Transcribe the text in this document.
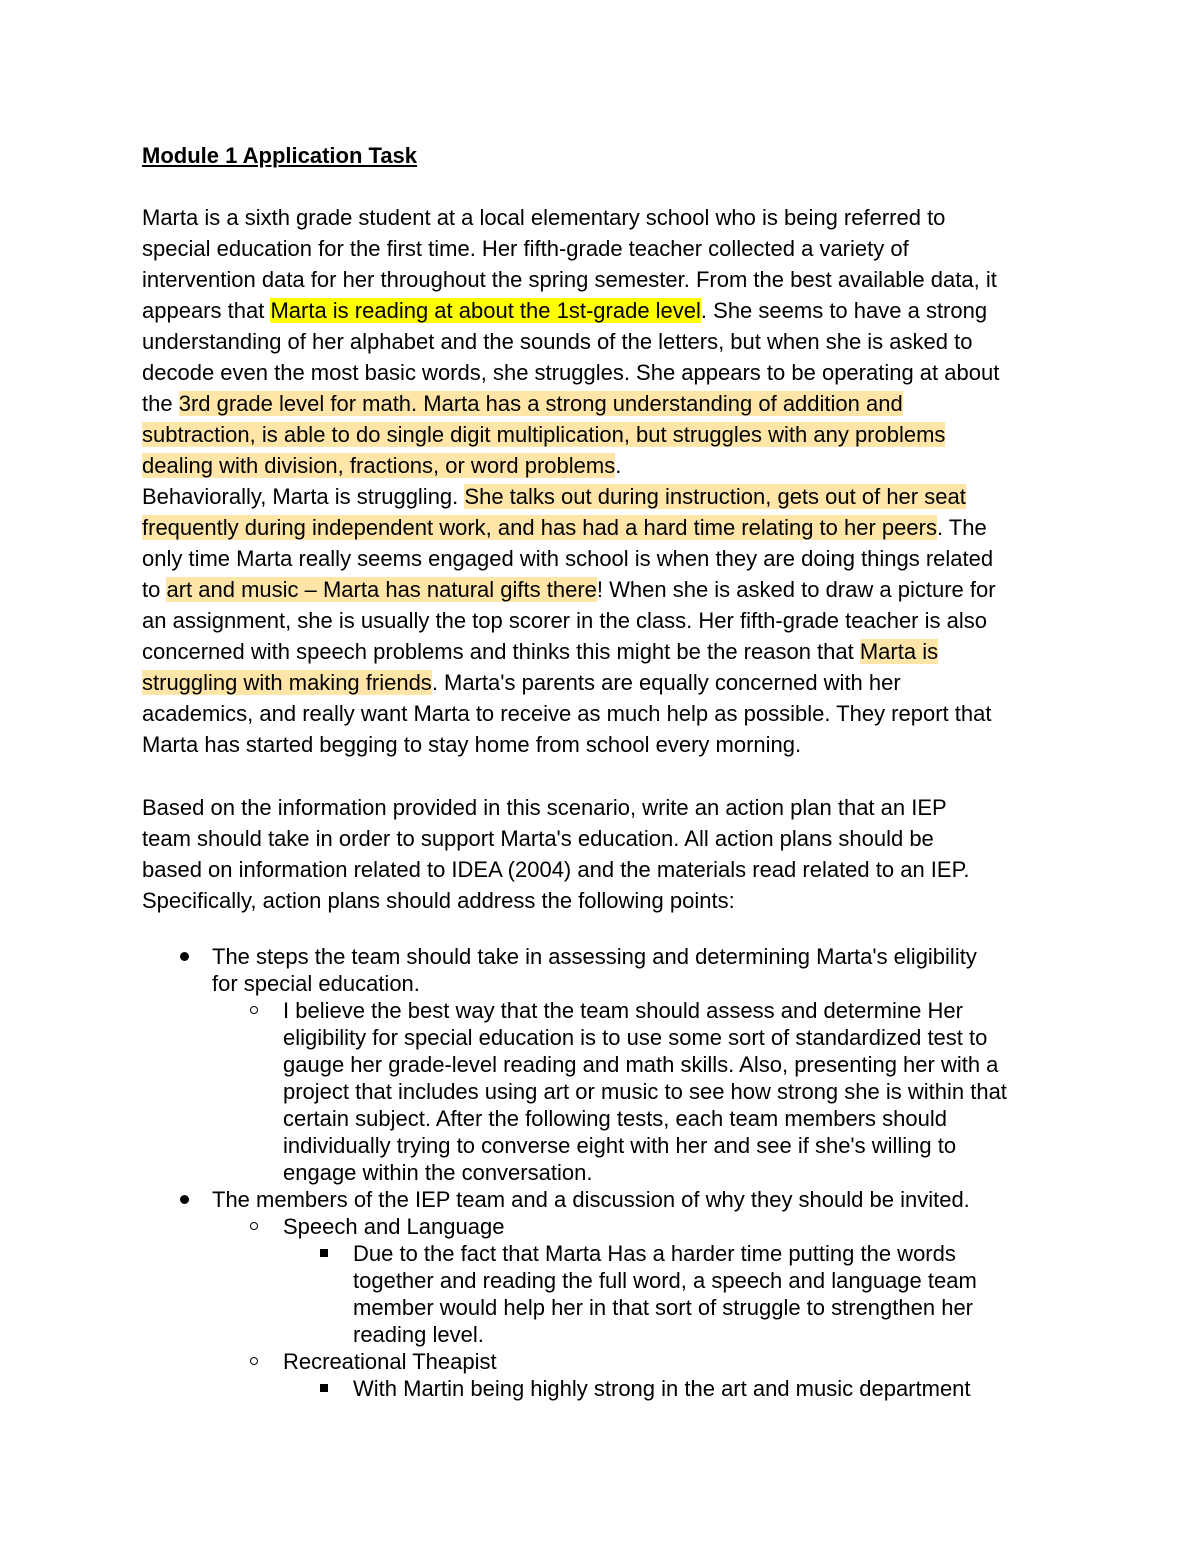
Module 1 Application Task
Marta is a sixth grade student at a local elementary school who is being referred to
special education for the first time. Her fifth-grade teacher collected a variety of
intervention data for her throughout the spring semester. From the best available data, it
appears that Marta is reading at about the 1st-grade level. She seems to have a strong
understanding of her alphabet and the sounds of the letters, but when she is asked to
decode even the most basic words, she struggles. She appears to be operating at about
the 3rd grade level for math. Marta has a strong understanding of addition and
subtraction, is able to do single digit multiplication, but struggles with any problems
dealing with division, fractions, or word problems.
Behaviorally, Marta is struggling. She talks out during instruction, gets out of her seat
frequently during independent work, and has had a hard time relating to her peers. The
only time Marta really seems engaged with school is when they are doing things related
to art and music – Marta has natural gifts there! When she is asked to draw a picture for
an assignment, she is usually the top scorer in the class. Her fifth-grade teacher is also
concerned with speech problems and thinks this might be the reason that Marta is
struggling with making friends. Marta's parents are equally concerned with her
academics, and really want Marta to receive as much help as possible. They report that
Marta has started begging to stay home from school every morning.
Based on the information provided in this scenario, write an action plan that an IEP
team should take in order to support Marta's education. All action plans should be
based on information related to IDEA (2004) and the materials read related to an IEP.
Specifically, action plans should address the following points:
The steps the team should take in assessing and determining Marta's eligibility
for special education.
I believe the best way that the team should assess and determine Her
eligibility for special education is to use some sort of standardized test to
gauge her grade-level reading and math skills. Also, presenting her with a
project that includes using art or music to see how strong she is within that
certain subject. After the following tests, each team members should
individually trying to converse eight with her and see if she's willing to
engage within the conversation.
The members of the IEP team and a discussion of why they should be invited.
Speech and Language
Due to the fact that Marta Has a harder time putting the words
together and reading the full word, a speech and language team
member would help her in that sort of struggle to strengthen her
reading level.
Recreational Theapist
With Martin being highly strong in the art and music department
